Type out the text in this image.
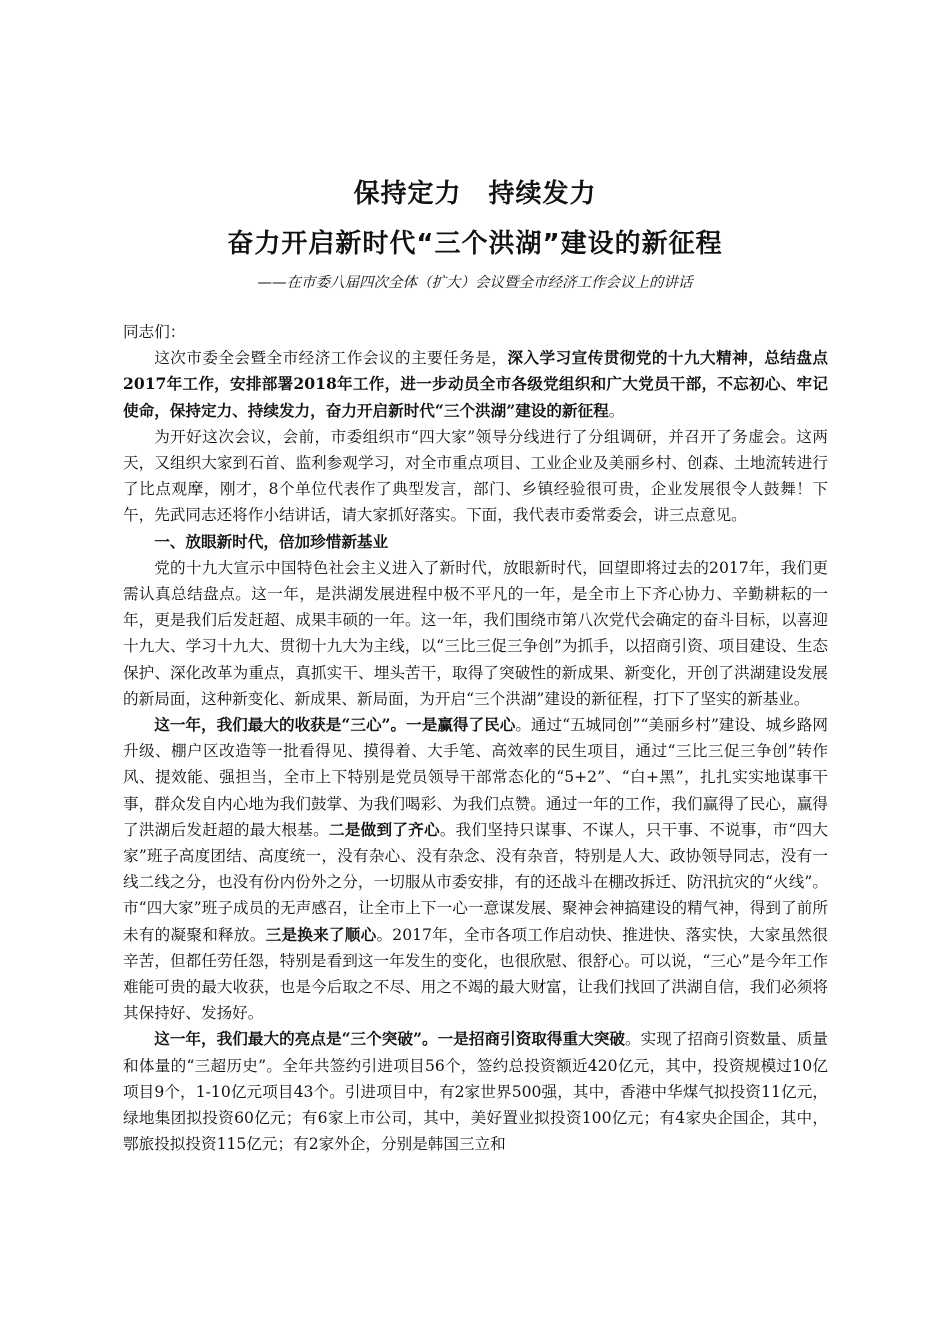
保持定力　持续发力
奋力开启新时代“三个洪湖”建设的新征程
——在市委八届四次全体（扩大）会议暨全市经济工作会议上的讲话

同志们：

这次市委全会暨全市经济工作会议的主要任务是，深入学习宣传贯彻党的十九大精神，总结盘点2017年工作，安排部署2018年工作，进一步动员全市各级党组织和广大党员干部，不忘初心、牢记使命，保持定力、持续发力，奋力开启新时代“三个洪湖”建设的新征程。

为开好这次会议，会前，市委组织市“四大家”领导分线进行了分组调研，并召开了务虚会。这两天，又组织大家到石首、监利参观学习，对全市重点项目、工业企业及美丽乡村、创森、土地流转进行了比点观摩，刚才，8个单位代表作了典型发言，部门、乡镇经验很可贵，企业发展很令人鼓舞！下午，先武同志还将作小结讲话，请大家抓好落实。下面，我代表市委常委会，讲三点意见。

一、放眼新时代，倍加珍惜新基业

党的十九大宣示中国特色社会主义进入了新时代，放眼新时代，回望即将过去的2017年，我们更需认真总结盘点。这一年，是洪湖发展进程中极不平凡的一年，是全市上下齐心协力、辛勤耕耘的一年，更是我们后发赶超、成果丰硕的一年。这一年，我们围绕市第八次党代会确定的奋斗目标，以喜迎十九大、学习十九大、贯彻十九大为主线，以“三比三促三争创”为抓手，以招商引资、项目建设、生态保护、深化改革为重点，真抓实干、埋头苦干，取得了突破性的新成果、新变化，开创了洪湖建设发展的新局面，这种新变化、新成果、新局面，为开启“三个洪湖”建设的新征程，打下了坚实的新基业。

这一年，我们最大的收获是“三心”。一是赢得了民心。通过“五城同创”“美丽乡村”建设、城乡路网升级、棚户区改造等一批看得见、摸得着、大手笔、高效率的民生项目，通过“三比三促三争创”转作风、提效能、强担当，全市上下特别是党员领导干部常态化的“5+2”、“白+黑”，扎扎实实地谋事干事，群众发自内心地为我们鼓掌、为我们喝彩、为我们点赞。通过一年的工作，我们赢得了民心，赢得了洪湖后发赶超的最大根基。二是做到了齐心。我们坚持只谋事、不谋人，只干事、不说事，市“四大家”班子高度团结、高度统一，没有杂心、没有杂念、没有杂音，特别是人大、政协领导同志，没有一线二线之分，也没有份内份外之分，一切服从市委安排，有的还战斗在棚改拆迁、防汛抗灾的“火线”。市“四大家”班子成员的无声感召，让全市上下一心一意谋发展、聚神会神搞建设的精气神，得到了前所未有的凝聚和释放。三是换来了顺心。2017年，全市各项工作启动快、推进快、落实快，大家虽然很辛苦，但都任劳任怨，特别是看到这一年发生的变化，也很欣慰、很舒心。可以说，“三心”是今年工作难能可贵的最大收获，也是今后取之不尽、用之不竭的最大财富，让我们找回了洪湖自信，我们必须将其保持好、发扬好。

这一年，我们最大的亮点是“三个突破”。一是招商引资取得重大突破。实现了招商引资数量、质量和体量的“三超历史”。全年共签约引进项目56个，签约总投资额近420亿元，其中，投资规模过10亿项目9个，1-10亿元项目43个。引进项目中，有2家世界500强，其中，香港中华煤气拟投资11亿元，绿地集团拟投资60亿元；有6家上市公司，其中，美好置业拟投资100亿元；有4家央企国企，其中，鄂旅投拟投资115亿元；有2家外企，分别是韩国三立和
